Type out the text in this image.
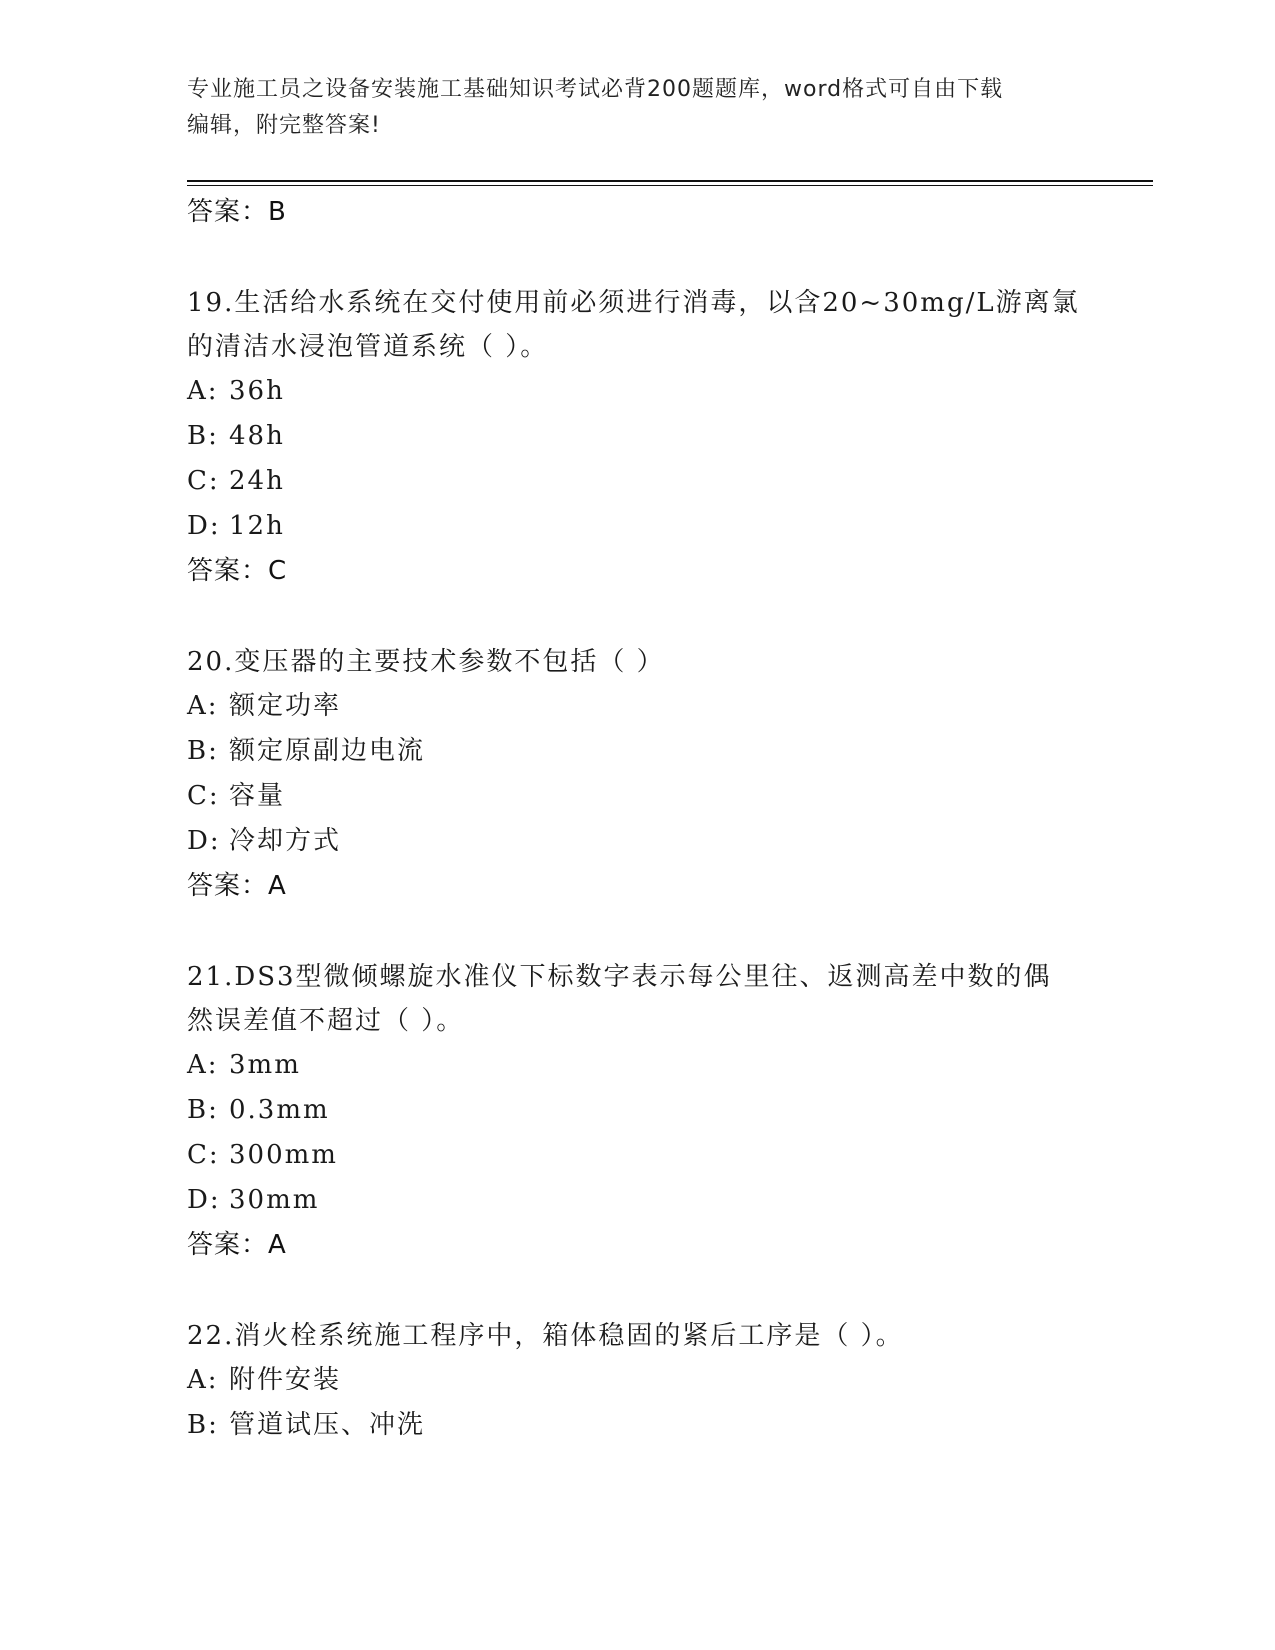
专业施工员之设备安装施工基础知识考试必背200题题库，word格式可自由下载
编辑，附完整答案!
答案：B
19.生活给水系统在交付使用前必须进行消毒，以含20~30mg/L游离氯
的清洁水浸泡管道系统（ ）。
A: 36h
B: 48h
C: 24h
D: 12h
答案：C
20.变压器的主要技术参数不包括（ ）
A: 额定功率
B: 额定原副边电流
C: 容量
D: 冷却方式
答案：A
21.DS3型微倾螺旋水准仪下标数字表示每公里往、返测高差中数的偶
然误差值不超过（ ）。
A: 3mm
B: 0.3mm
C: 300mm
D: 30mm
答案：A
22.消火栓系统施工程序中，箱体稳固的紧后工序是（ ）。
A: 附件安装
B: 管道试压、冲洗
